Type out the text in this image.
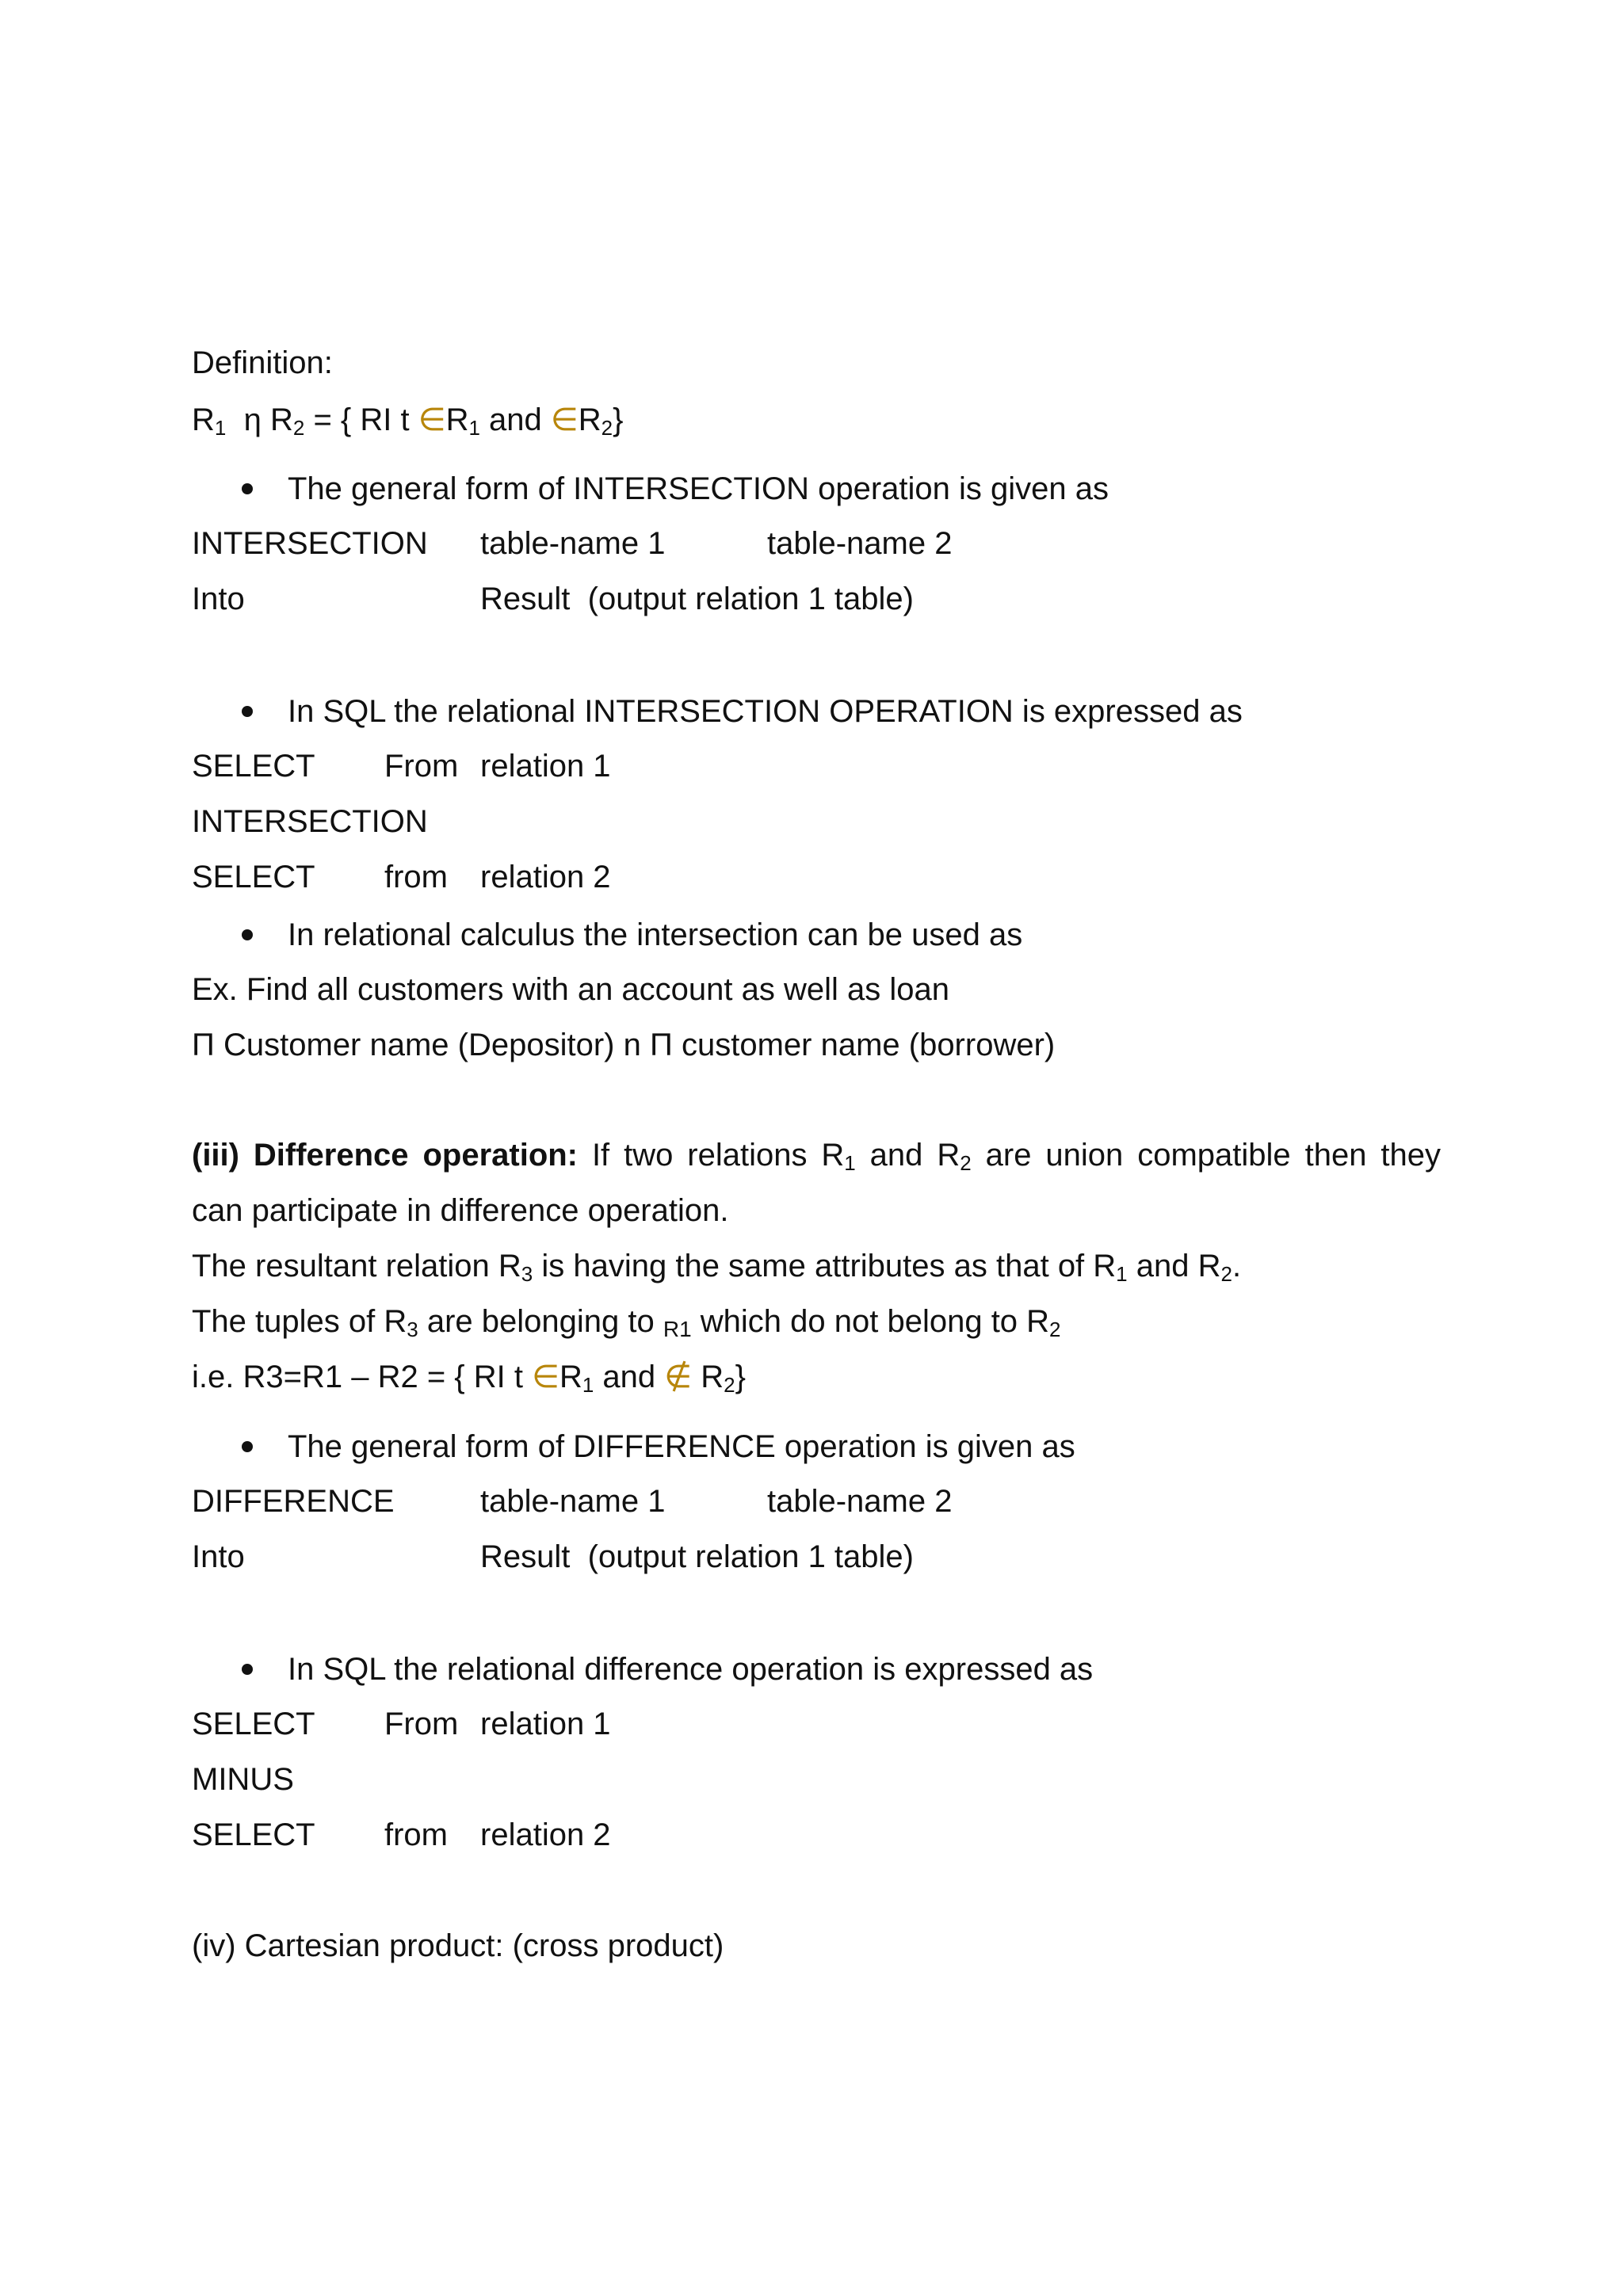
Definition:
$R_1$ η $R_2$ = { RI t $\in R_1$ and $\in R_2$}
The general form of INTERSECTION operation is given as
INTERSECTION table-name 1	table-name 2
Into	Result (output relation 1 table)
In SQL the relational INTERSECTION OPERATION is expressed as
SELECT From relation 1
INTERSECTION
SELECT from relation 2
In relational calculus the intersection can be used as
Ex. Find all customers with an account as well as loan
Π Customer name (Depositor) n Π customer name (borrower)
(iii) Difference operation: If two relations $R_1$ and $R_2$ are union compatible then they
can participate in difference operation.
The resultant relation $R_3$ is having the same attributes as that of $R_1$ and $R_2$.
The tuples of $R_3$ are belonging to R1 which do not belong to $R_2$
i.e. R3=R1 – R2 = { RI t $\in R_1$ and ∉ $R_2$}
The general form of DIFFERENCE operation is given as
DIFFERENCE	table-name 1	table-name 2
Into	Result (output relation 1 table)
In SQL the relational difference operation is expressed as
SELECT From relation 1
MINUS
SELECT from relation 2
(iv) Cartesian product: (cross product)
